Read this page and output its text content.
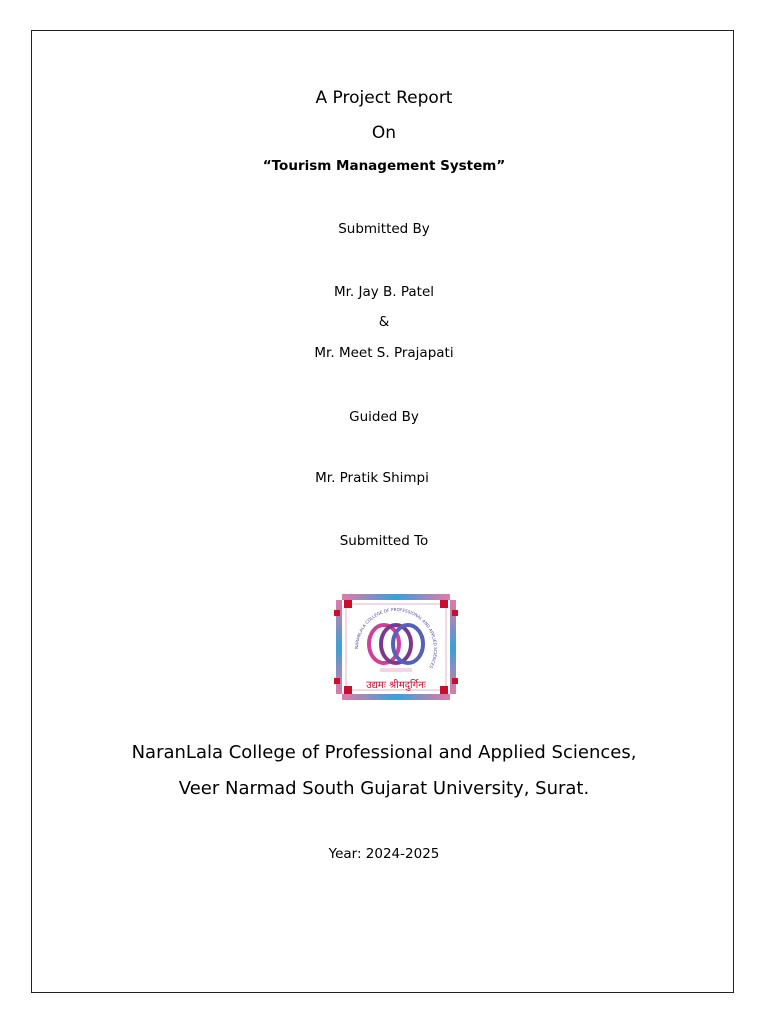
A Project Report

On

“Tourism Management System”

Submitted By

Mr. Jay B. Patel

&

Mr. Meet S. Prajapati

Guided By

Mr. Pratik Shimpi

Submitted To

NARANLALA COLLEGE OF PROFESSIONAL AND APPLIED SCIENCES
उद्यमः श्रीमदुर्गिनः

NaranLala College of Professional and Applied Sciences,

Veer Narmad South Gujarat University, Surat.

Year: 2024-2025
